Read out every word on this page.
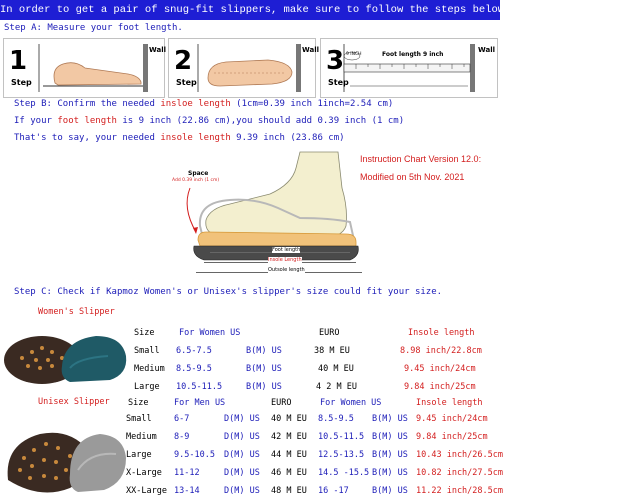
In order to get a pair of snug-fit slippers, make sure to follow the steps below to get the right size
Step A: Measure your foot length.
1
Step
Wall 2
Step
Wall 3
Step
Wall
9 INCH	Foot length 9 inch
Step B: Confirm the needed insloe length (1cm=0.39 inch 1inch=2.54 cm)
If your foot length is 9 inch (22.86 cm),you should add 0.39 inch (1 cm)
That's to say, your needed insole length 9.39 inch (23.86 cm)
Instruction Chart Version 12.0:
Modified on 5th Nov. 2021
Space
Add 0.39 inch (1 cm)
Foot length
Insole Length
Outsole length
Step C: Check if Kapmoz Women's or Unisex's slipper's size could fit your size.
Women's Slipper
Size	For Women US	EURO	Insole length
Small 6.5-7.5	B(M) US	38 M EU	8.98 inch/22.8cm
Medium 8.5-9.5	B(M) US	40 M EU	9.45 inch/24cm
Large 10.5-11.5	B(M) US	4 2 M EU	9.84 inch/25cm
Unisex Slipper Size	For Men US	EURO	For Women US	Insole length
Small	6-7	D(M) US 40 M EU 8.5-9.5 B(M) US 9.45 inch/24cm
Medium 8-9	D(M) US 42 M EU 10.5-11.5 B(M) US 9.84 inch/25cm
Large	9.5-10.5 D(M) US 44 M EU 12.5-13.5 B(M) US 10.43 inch/26.5cm
X-Large 11-12	D(M) US 46 M EU 14.5 -15.5 B(M) US 10.82 inch/27.5cm
XX-Large 13-14	D(M) US 48 M EU 16 -17	B(M) US 11.22 inch/28.5cm
